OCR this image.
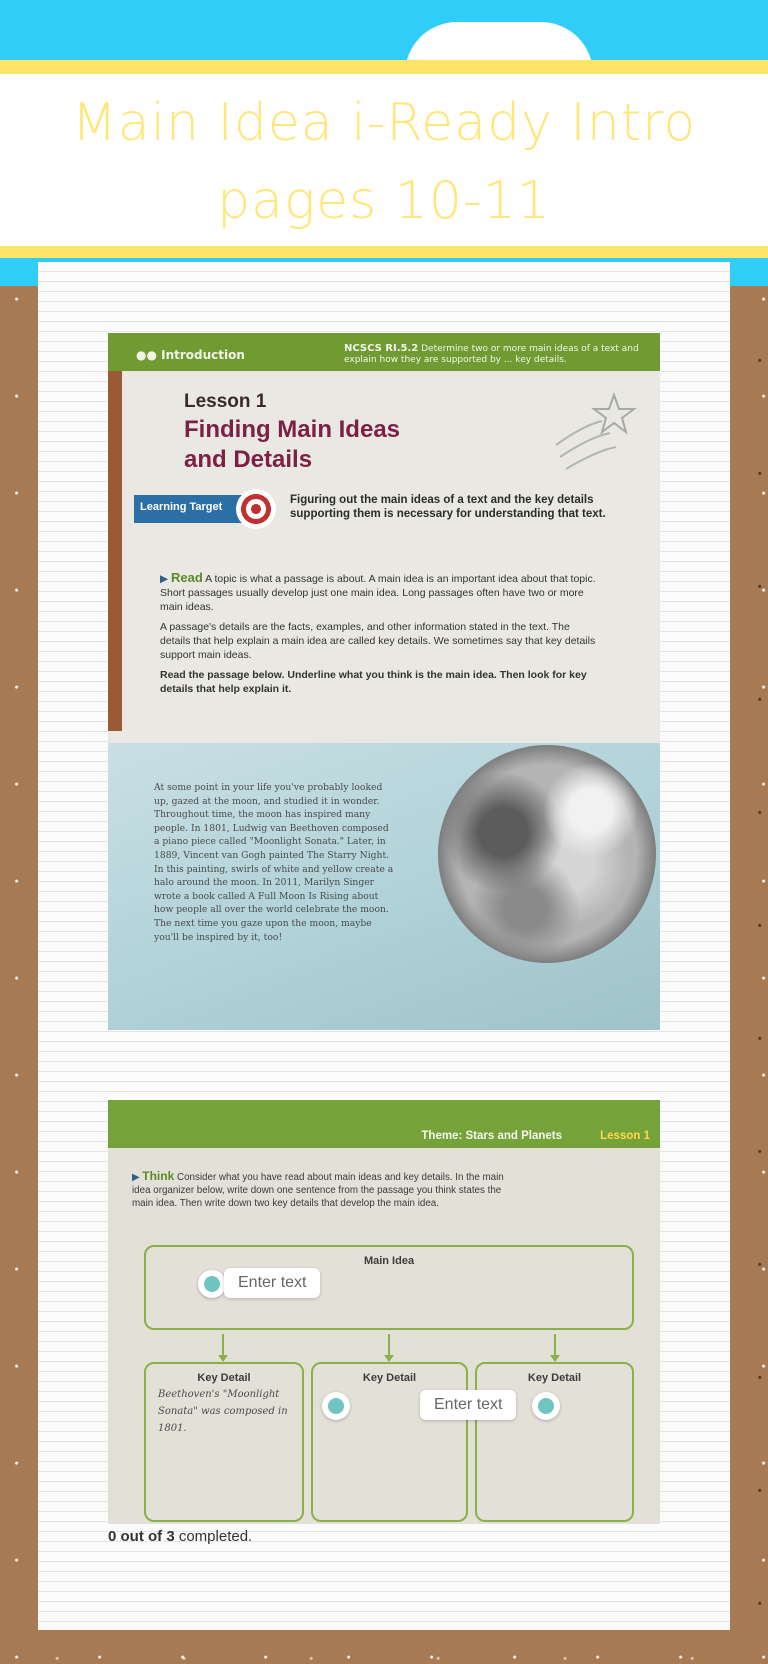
Main Idea i-Ready Intro pages 10-11
●● Introduction	NCSCS RI.5.2 Determine two or more main ideas of a text and explain how they are supported by ... key details.
Lesson 1
Finding Main Ideas and Details
Learning Target
Figuring out the main ideas of a text and the key details supporting them is necessary for understanding that text.

▶ Read A topic is what a passage is about. A main idea is an important idea about that topic. Short passages usually develop just one main idea. Long passages often have two or more main ideas.

A passage's details are the facts, examples, and other information stated in the text. The details that help explain a main idea are called key details. We sometimes say that key details support main ideas.

Read the passage below. Underline what you think is the main idea. Then look for key details that help explain it.

At some point in your life you've probably looked up, gazed at the moon, and studied it in wonder. Throughout time, the moon has inspired many people. In 1801, Ludwig van Beethoven composed a piano piece called "Moonlight Sonata." Later, in 1889, Vincent van Gogh painted The Starry Night. In this painting, swirls of white and yellow create a halo around the moon. In 2011, Marilyn Singer wrote a book called A Full Moon Is Rising about how people all over the world celebrate the moon. The next time you gaze upon the moon, maybe you'll be inspired by it, too!
Theme: Stars and Planets	Lesson 1
▶ Think Consider what you have read about main ideas and key details. In the main idea organizer below, write down one sentence from the passage you think states the main idea. Then write down two key details that develop the main idea.
Main Idea
Key Detail	Key Detail	Key Detail
Beethoven's "Moonlight Sonata" was composed in 1801.
Enter text
Enter text
0 out of 3 completed.
